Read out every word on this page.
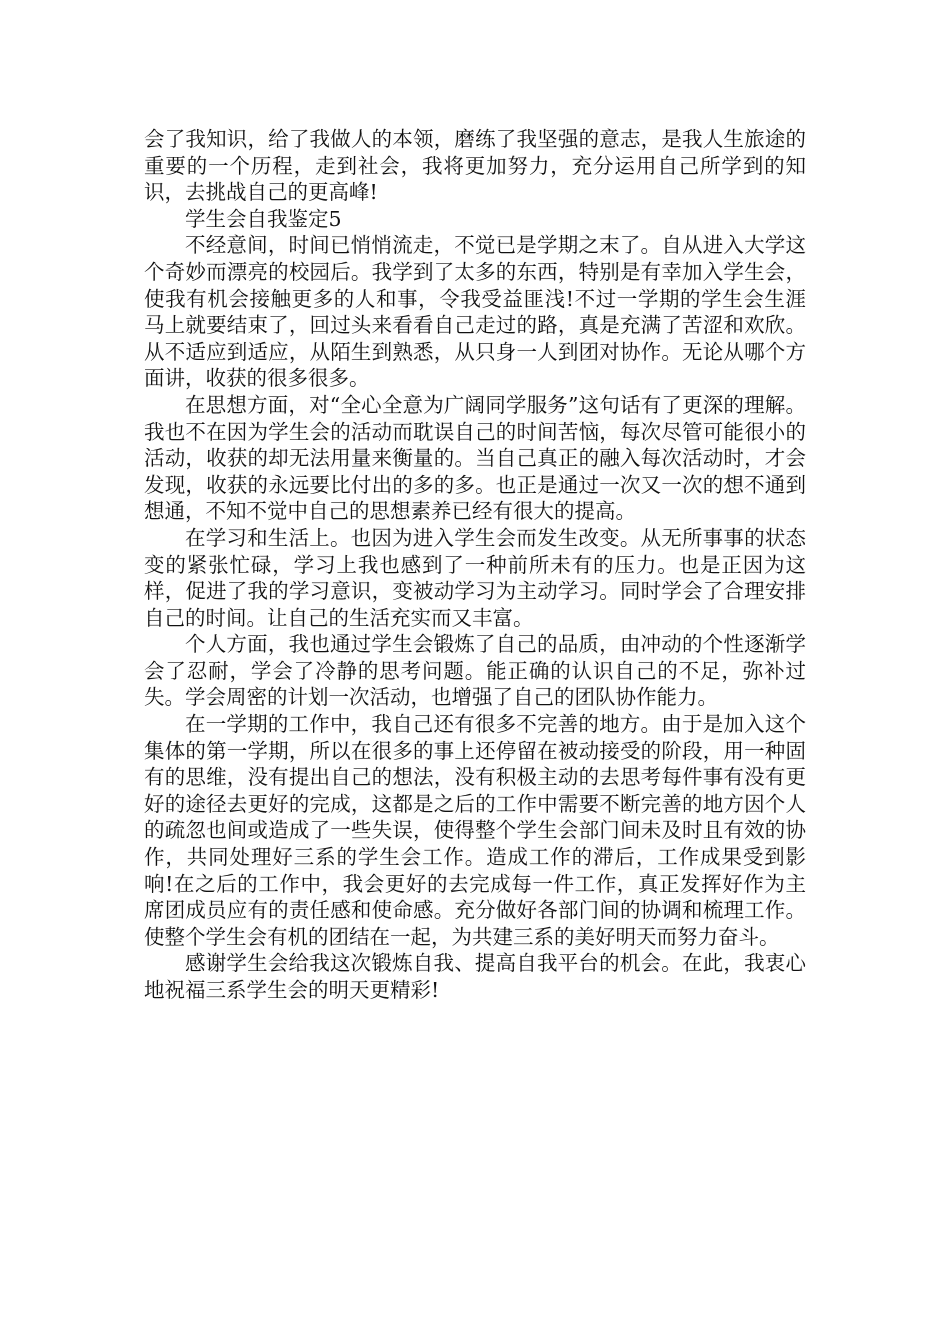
会了我知识，给了我做人的本领，磨练了我坚强的意志，是我人生旅途的重要的一个历程，走到社会，我将更加努力，充分运用自己所学到的知识，去挑战自己的更高峰!

学生会自我鉴定5

不经意间，时间已悄悄流走，不觉已是学期之末了。自从进入大学这个奇妙而漂亮的校园后。我学到了太多的东西，特别是有幸加入学生会，使我有机会接触更多的人和事，令我受益匪浅!不过一学期的学生会生涯马上就要结束了，回过头来看看自己走过的路，真是充满了苦涩和欢欣。从不适应到适应，从陌生到熟悉，从只身一人到团对协作。无论从哪个方面讲，收获的很多很多。

在思想方面，对“全心全意为广阔同学服务”这句话有了更深的理解。我也不在因为学生会的活动而耽误自己的时间苦恼，每次尽管可能很小的活动，收获的却无法用量来衡量的。当自己真正的融入每次活动时，才会发现，收获的永远要比付出的多的多。也正是通过一次又一次的想不通到想通，不知不觉中自己的思想素养已经有很大的提高。

在学习和生活上。也因为进入学生会而发生改变。从无所事事的状态变的紧张忙碌，学习上我也感到了一种前所未有的压力。也是正因为这样，促进了我的学习意识，变被动学习为主动学习。同时学会了合理安排自己的时间。让自己的生活充实而又丰富。

个人方面，我也通过学生会锻炼了自己的品质，由冲动的个性逐渐学会了忍耐，学会了冷静的思考问题。能正确的认识自己的不足，弥补过失。学会周密的计划一次活动，也增强了自己的团队协作能力。

在一学期的工作中，我自己还有很多不完善的地方。由于是加入这个集体的第一学期，所以在很多的事上还停留在被动接受的阶段，用一种固有的思维，没有提出自己的想法，没有积极主动的去思考每件事有没有更好的途径去更好的完成，这都是之后的工作中需要不断完善的地方因个人的疏忽也间或造成了一些失误，使得整个学生会部门间未及时且有效的协作，共同处理好三系的学生会工作。造成工作的滞后，工作成果受到影响!在之后的工作中，我会更好的去完成每一件工作，真正发挥好作为主席团成员应有的责任感和使命感。充分做好各部门间的协调和梳理工作。使整个学生会有机的团结在一起，为共建三系的美好明天而努力奋斗。

感谢学生会给我这次锻炼自我、提高自我平台的机会。在此，我衷心地祝福三系学生会的明天更精彩!
